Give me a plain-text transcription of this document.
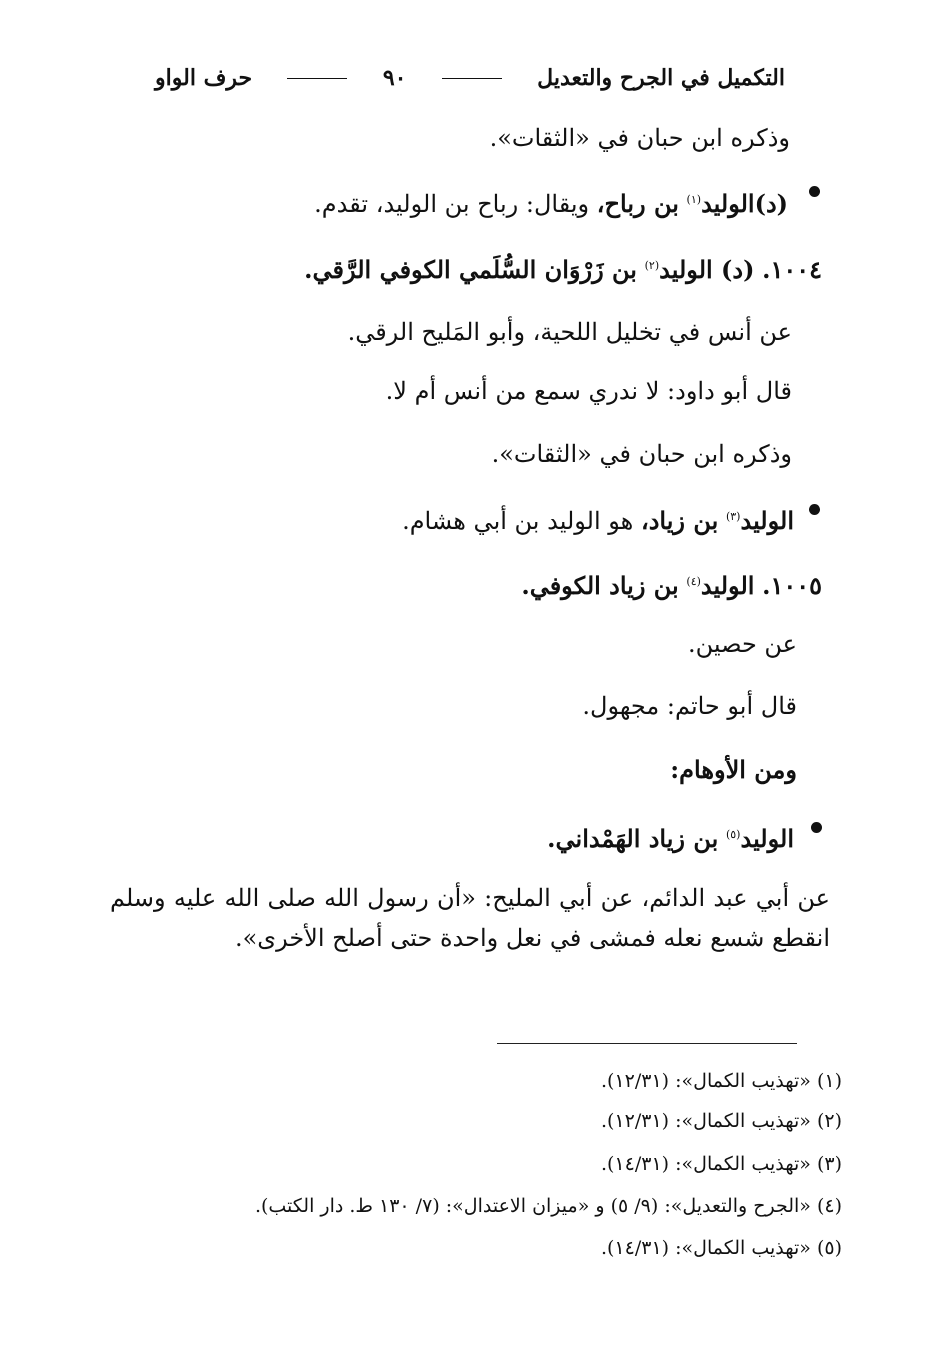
التكميل في الجرح والتعديل
٩٠
حرف الواو
وذكره ابن حبان في «الثقات».
(د)الوليد$^{(١)}$ بن رباح، ويقال: رباح بن الوليد، تقدم.
١٠٠٤. (د) الوليد$^{(٢)}$ بن زَرْوَان السُّلَمي الكوفي الرَّقي.
عن أنس في تخليل اللحية، وأبو المَليح الرقي.
قال أبو داود: لا ندري سمع من أنس أم لا.
وذكره ابن حبان في «الثقات».
الوليد$^{(٣)}$ بن زياد، هو الوليد بن أبي هشام.
١٠٠٥. الوليد$^{(٤)}$ بن زياد الكوفي.
عن حصين.
قال أبو حاتم: مجهول.
ومن الأوهام:
الوليد$^{(٥)}$ بن زياد الهَمْداني.
عن أبي عبد الدائم، عن أبي المليح: «أن رسول الله صلى الله عليه وسلم انقطع شسع نعله فمشى في نعل واحدة حتى أصلح الأخرى».
(١) «تهذيب الكمال»: (١٢/٣١).
(٢) «تهذيب الكمال»: (١٢/٣١).
(٣) «تهذيب الكمال»: (١٤/٣١).
(٤) «الجرح والتعديل»: (٩/ ٥) و «ميزان الاعتدال»: (٧/ ١٣٠ ط. دار الكتب).
(٥) «تهذيب الكمال»: (١٤/٣١).
